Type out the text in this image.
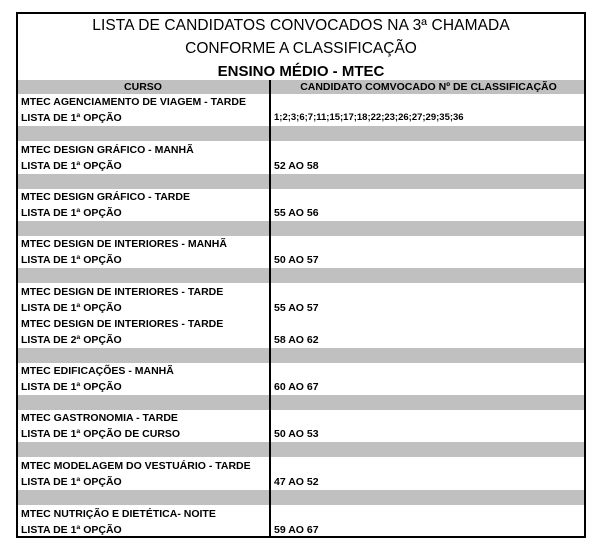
LISTA DE CANDIDATOS CONVOCADOS NA 3ª CHAMADA
CONFORME A CLASSIFICAÇÃO
ENSINO MÉDIO - MTEC
CURSO	CANDIDATO COMVOCADO Nº DE CLASSIFICAÇÃO
MTEC AGENCIAMENTO DE VIAGEM - TARDE
LISTA DE 1ª OPÇÃO	1;2;3;6;7;11;15;17;18;22;23;26;27;29;35;36
MTEC DESIGN GRÁFICO - MANHÃ
LISTA DE 1ª OPÇÃO	52 AO 58
MTEC DESIGN GRÁFICO - TARDE
LISTA DE 1ª OPÇÃO	55 AO 56
MTEC DESIGN DE INTERIORES - MANHÃ
LISTA DE 1ª OPÇÃO	50 AO 57
MTEC DESIGN DE INTERIORES - TARDE
LISTA DE 1ª OPÇÃO	55 AO 57
MTEC DESIGN DE INTERIORES - TARDE
LISTA DE 2ª OPÇÃO	58 AO 62
MTEC EDIFICAÇÕES - MANHÃ
LISTA DE 1ª OPÇÃO	60 AO 67
MTEC GASTRONOMIA - TARDE
LISTA DE 1ª OPÇÃO DE CURSO	50 AO 53
MTEC MODELAGEM DO VESTUÁRIO - TARDE
LISTA DE 1ª OPÇÃO	47 AO 52
MTEC NUTRIÇÃO E DIETÉTICA- NOITE
LISTA DE 1ª OPÇÃO	59 AO 67
